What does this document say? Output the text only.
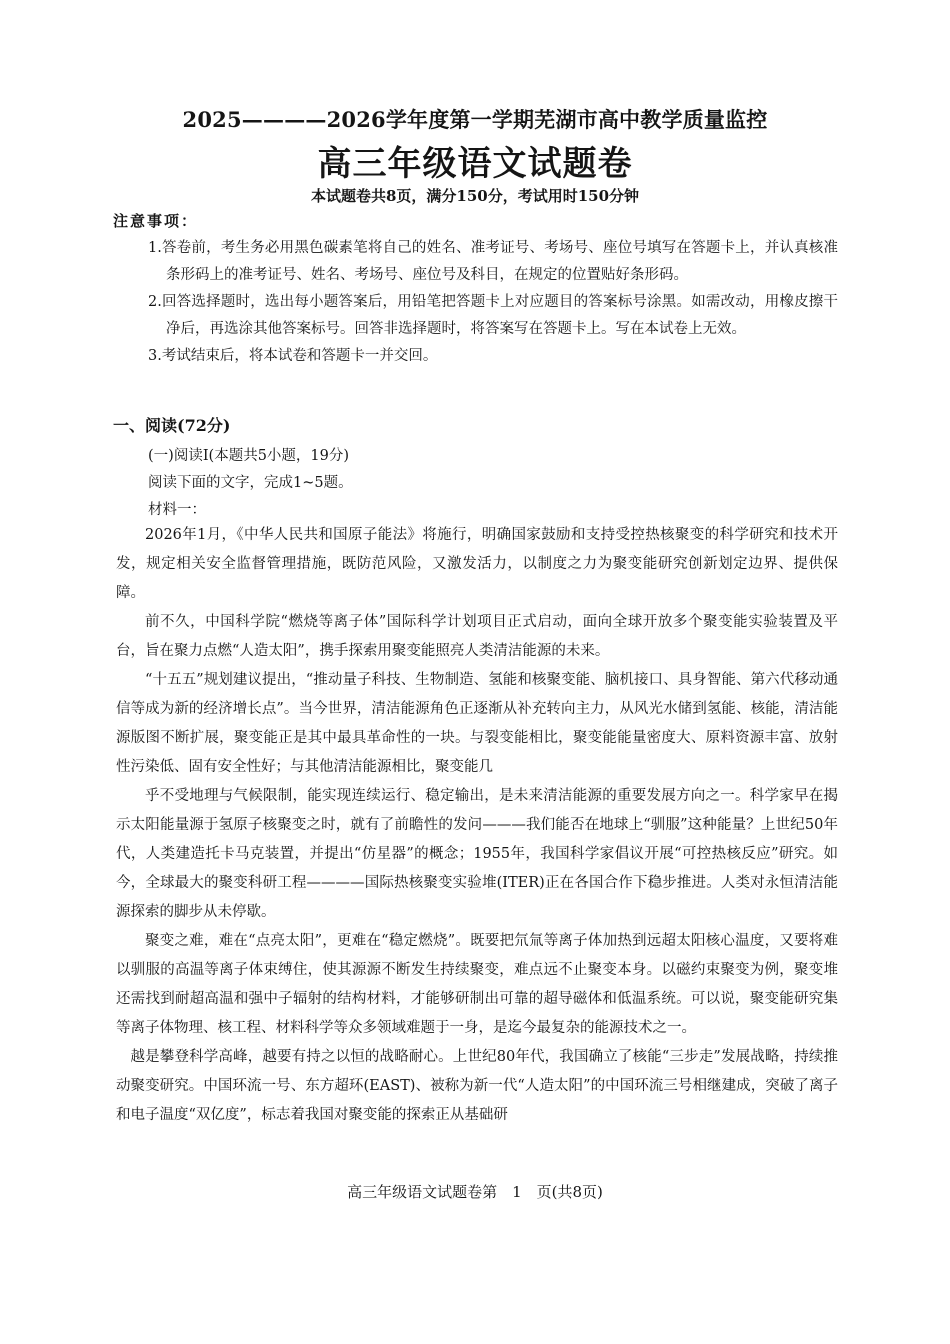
2025————2026学年度第一学期芜湖市高中教学质量监控
高三年级语文试题卷
本试题卷共8页，满分150分，考试用时150分钟
注意事项：
1.答卷前，考生务必用黑色碳素笔将自己的姓名、准考证号、考场号、座位号填写在答题卡上，并认真核准条形码上的准考证号、姓名、考场号、座位号及科目，在规定的位置贴好条形码。
2.回答选择题时，选出每小题答案后，用铅笔把答题卡上对应题目的答案标号涂黑。如需改动，用橡皮擦干净后，再选涂其他答案标号。回答非选择题时，将答案写在答题卡上。写在本试卷上无效。
3.考试结束后，将本试卷和答题卡一并交回。
一、阅读(72分)
(一)阅读Ⅰ(本题共5小题，19分)
阅读下面的文字，完成1~5题。
材料一：

2026年1月，《中华人民共和国原子能法》将施行，明确国家鼓励和支持受控热核聚变的科学研究和技术开发，规定相关安全监督管理措施，既防范风险，又激发活力，以制度之力为聚变能研究创新划定边界、提供保障。

前不久，中国科学院“燃烧等离子体”国际科学计划项目正式启动，面向全球开放多个聚变能实验装置及平台，旨在聚力点燃“人造太阳”，携手探索用聚变能照亮人类清洁能源的未来。

“十五五”规划建议提出，“推动量子科技、生物制造、氢能和核聚变能、脑机接口、具身智能、第六代移动通信等成为新的经济增长点”。当今世界，清洁能源角色正逐渐从补充转向主力，从风光水储到氢能、核能，清洁能源版图不断扩展，聚变能正是其中最具革命性的一块。与裂变能相比，聚变能能量密度大、原料资源丰富、放射性污染低、固有安全性好；与其他清洁能源相比，聚变能几

乎不受地理与气候限制，能实现连续运行、稳定输出，是未来清洁能源的重要发展方向之一。科学家早在揭示太阳能量源于氢原子核聚变之时，就有了前瞻性的发问———我们能否在地球上“驯服”这种能量？上世纪50年代，人类建造托卡马克装置，并提出“仿星器”的概念；1955年，我国科学家倡议开展“可控热核反应”研究。如今，全球最大的聚变科研工程————国际热核聚变实验堆(ITER)正在各国合作下稳步推进。人类对永恒清洁能源探索的脚步从未停歇。

聚变之难，难在“点亮太阳”，更难在“稳定燃烧”。既要把氘氚等离子体加热到远超太阳核心温度，又要将难以驯服的高温等离子体束缚住，使其源源不断发生持续聚变，难点远不止聚变本身。以磁约束聚变为例，聚变堆还需找到耐超高温和强中子辐射的结构材料，才能够研制出可靠的超导磁体和低温系统。可以说，聚变能研究集等离子体物理、核工程、材料科学等众多领域难题于一身，是迄今最复杂的能源技术之一。

越是攀登科学高峰，越要有持之以恒的战略耐心。上世纪80年代，我国确立了核能“三步走”发展战略，持续推动聚变研究。中国环流一号、东方超环(EAST)、被称为新一代“人造太阳”的中国环流三号相继建成，突破了离子和电子温度“双亿度”，标志着我国对聚变能的探索正从基础研

高三年级语文试题卷第　1　页(共8页)
